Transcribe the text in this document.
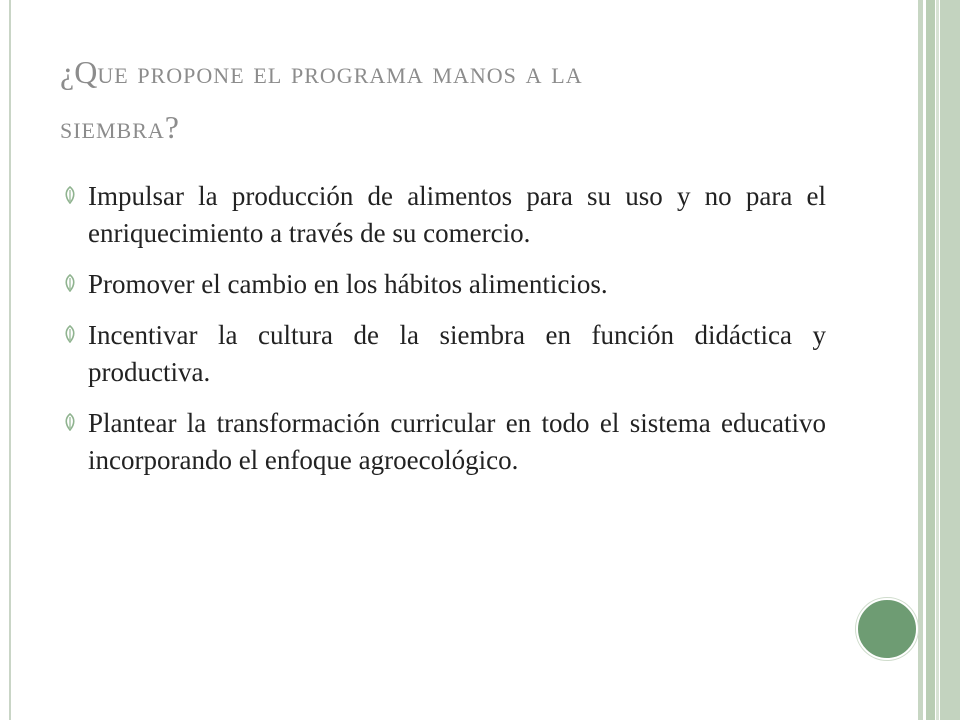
¿Que propone el programa manos a la
siembra?
Impulsar la producción de alimentos para su uso y no para el enriquecimiento a través de su comercio.
Promover el cambio en los hábitos alimenticios.
Incentivar la cultura de la siembra en función didáctica y productiva.
Plantear la transformación curricular en todo el sistema educativo incorporando el enfoque agroecológico.
